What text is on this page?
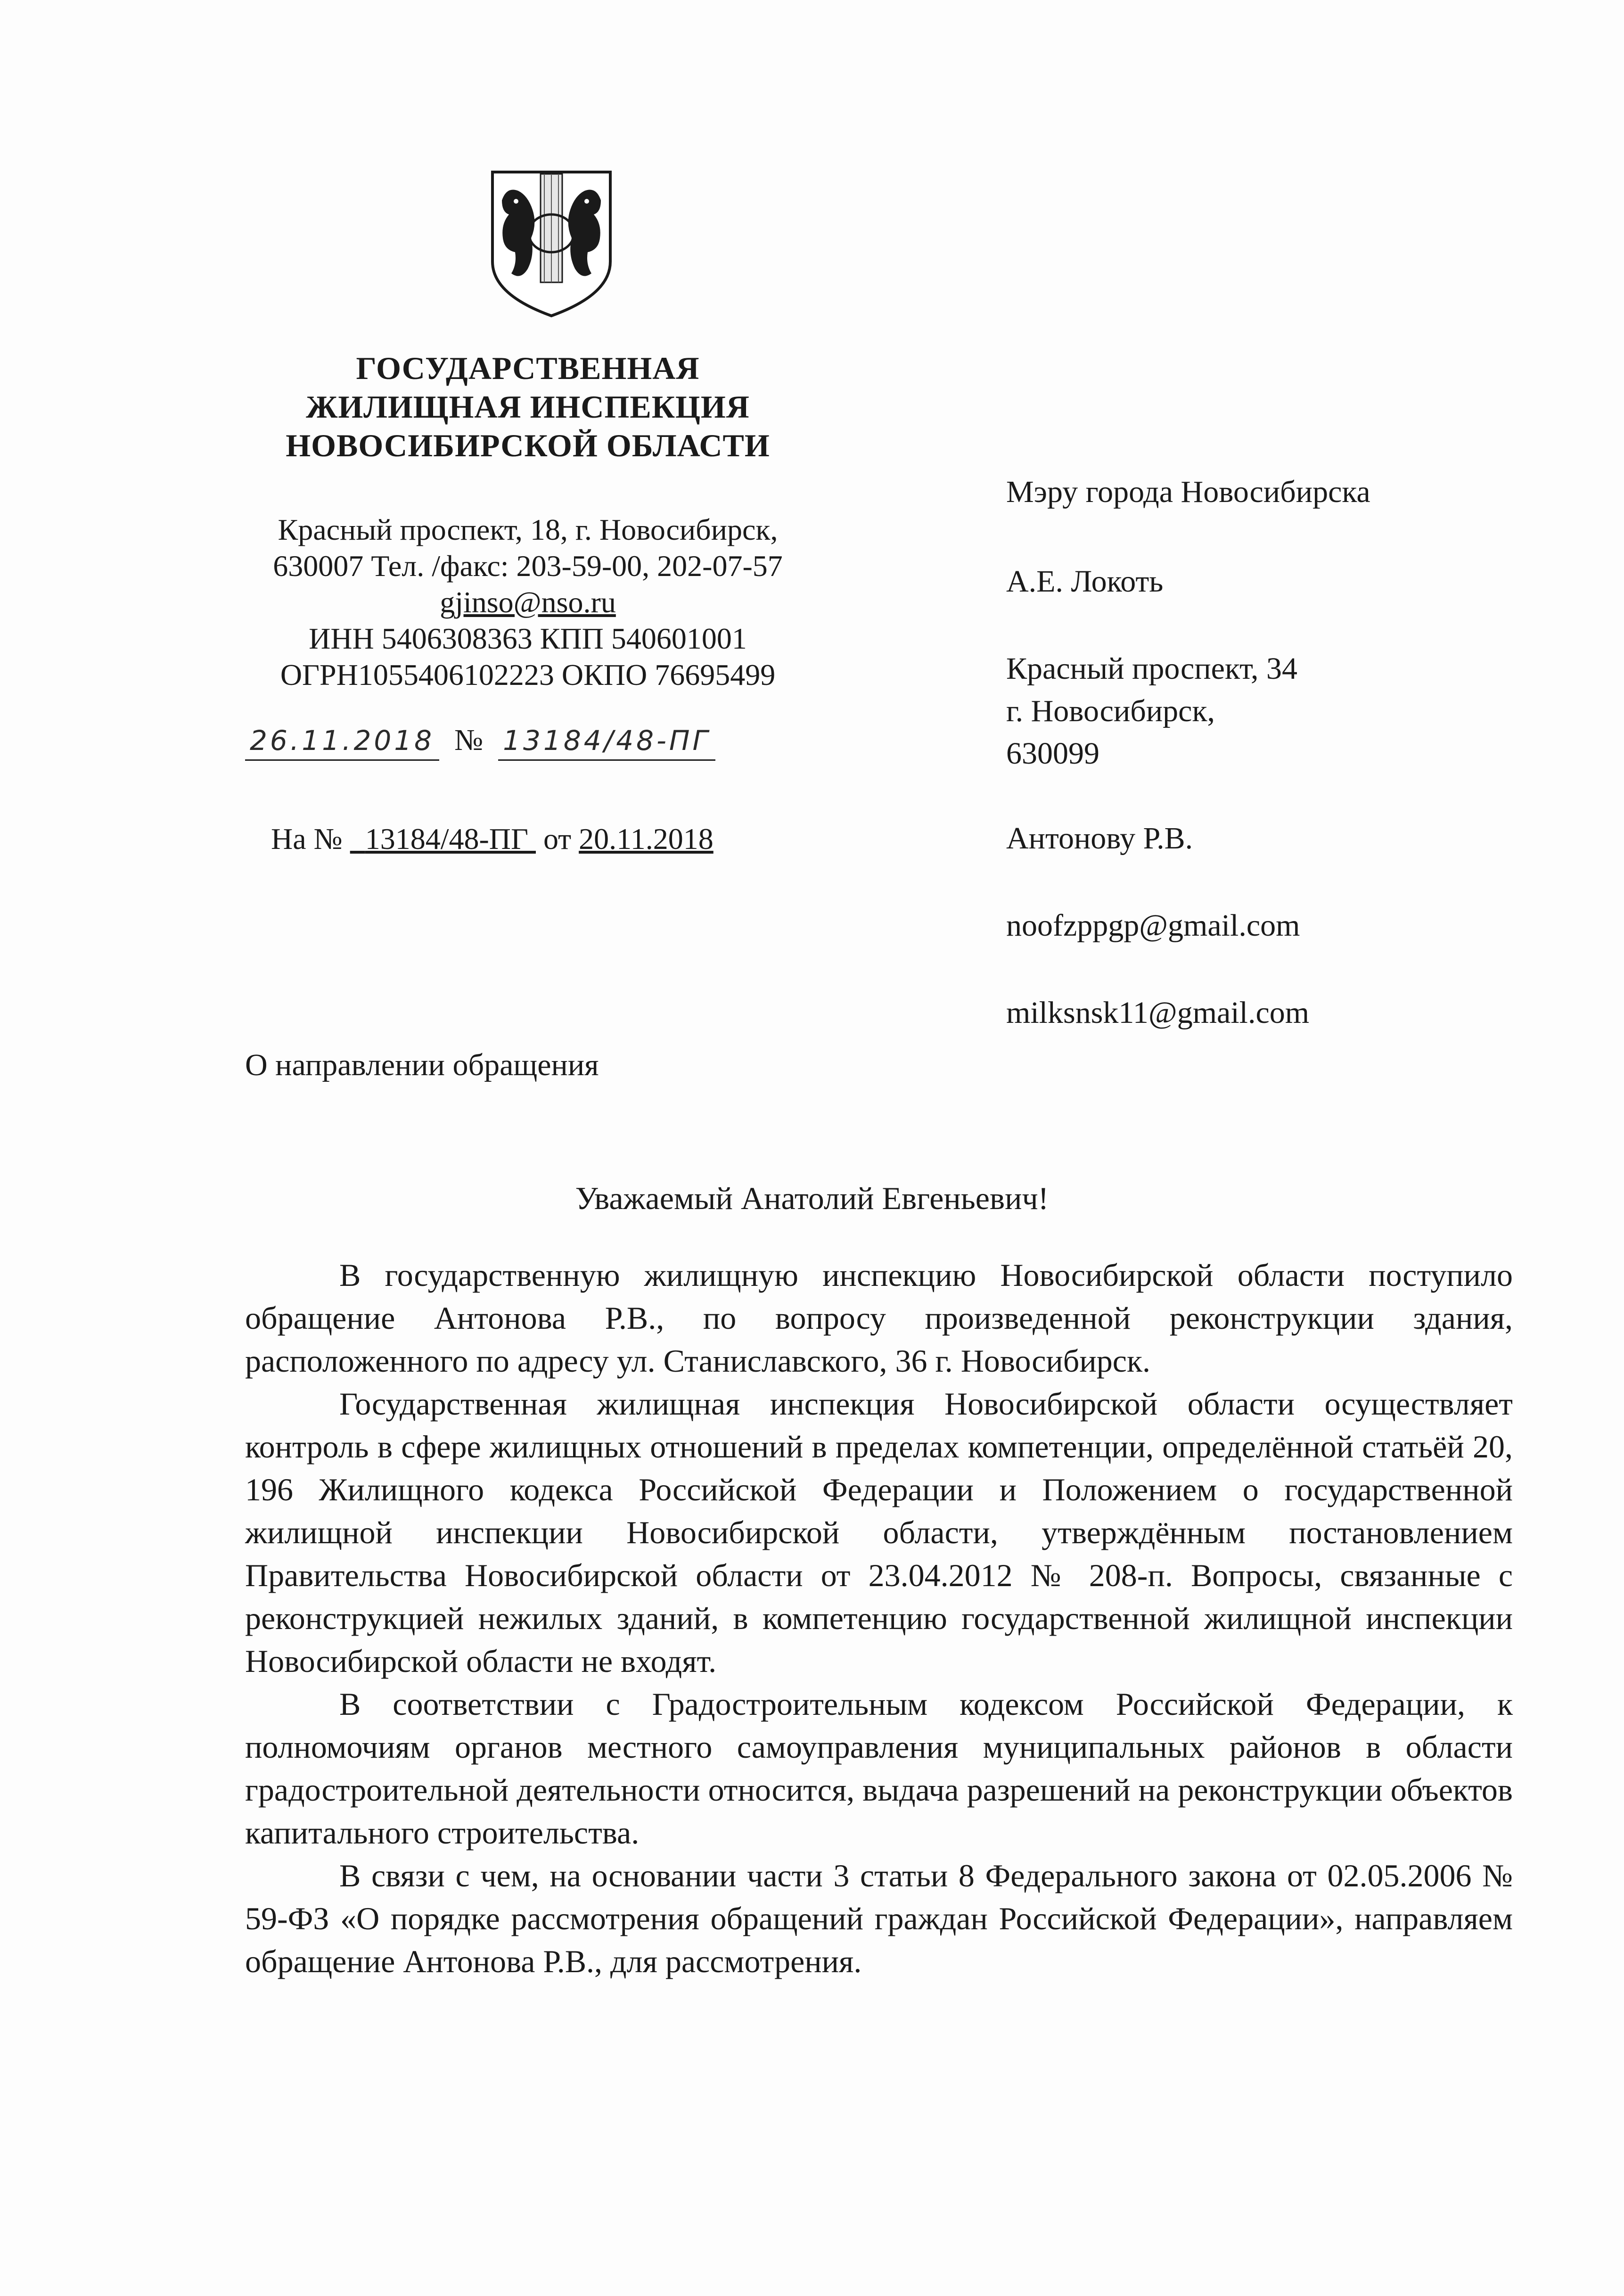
ГОСУДАРСТВЕННАЯ
ЖИЛИЩНАЯ ИНСПЕКЦИЯ
НОВОСИБИРСКОЙ ОБЛАСТИ
Красный проспект, 18, г. Новосибирск,
630007 Тел. /факс: 203-59-00, 202-07-57
gjinso@nso.ru
ИНН 5406308363 КПП 540601001
ОГРН1055406102223 ОКПО 76695499
26.11.2018 № 13184/48-ПГ
На № 13184/48-ПГ от 20.11.2018
Мэру города Новосибирска
А.Е. Локоть
Красный проспект, 34
г. Новосибирск,
630099
Антонову Р.В.
noofzppgp@gmail.com
milksnsk11@gmail.com
О направлении обращения
Уважаемый Анатолий Евгеньевич!

В государственную жилищную инспекцию Новосибирской области поступило обращение Антонова Р.В., по вопросу произведенной реконструкции здания, расположенного по адресу ул. Станиславского, 36 г. Новосибирск.

Государственная жилищная инспекция Новосибирской области осуществляет контроль в сфере жилищных отношений в пределах компетенции, определённой статьёй 20, 196 Жилищного кодекса Российской Федерации и Положением о государственной жилищной инспекции Новосибирской области, утверждённым постановлением Правительства Новосибирской области от 23.04.2012 № 208-п. Вопросы, связанные с реконструкцией нежилых зданий, в компетенцию государственной жилищной инспекции Новосибирской области не входят.

В соответствии с Градостроительным кодексом Российской Федерации, к полномочиям органов местного самоуправления муниципальных районов в области градостроительной деятельности относится, выдача разрешений на реконструкции объектов капитального строительства.

В связи с чем, на основании части 3 статьи 8 Федерального закона от 02.05.2006 № 59-ФЗ «О порядке рассмотрения обращений граждан Российской Федерации», направляем обращение Антонова Р.В., для рассмотрения.
